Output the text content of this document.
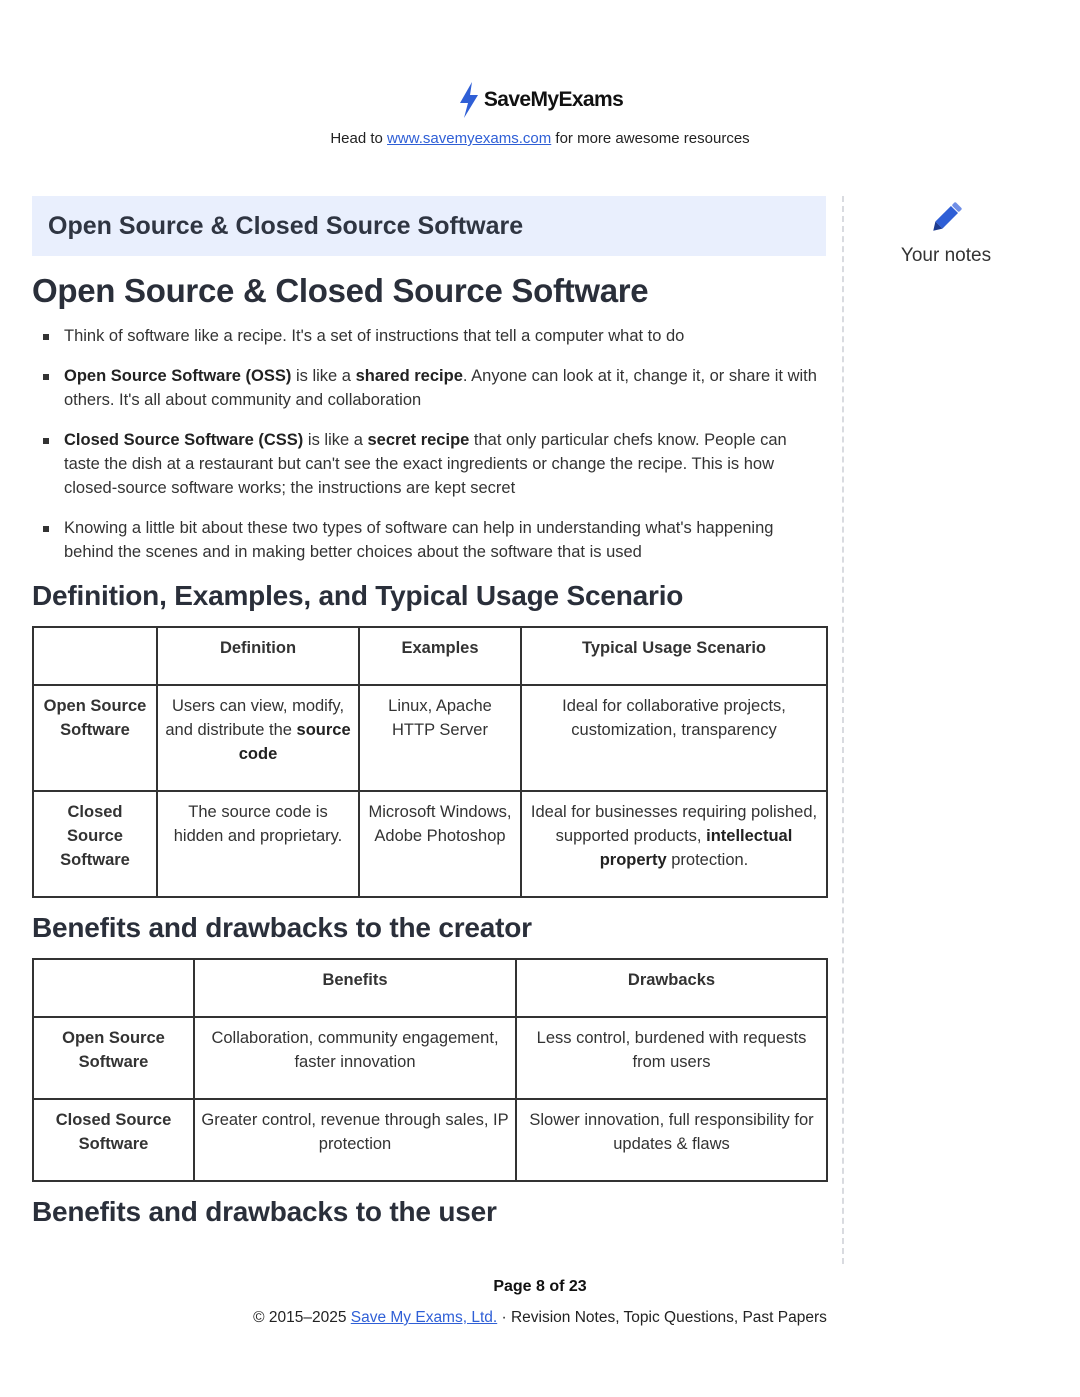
SaveMyExams
Head to www.savemyexams.com for more awesome resources
Open Source & Closed Source Software
Open Source & Closed Source Software
Think of software like a recipe. It's a set of instructions that tell a computer what to do
Open Source Software (OSS) is like a shared recipe. Anyone can look at it, change it, or share it with others. It's all about community and collaboration
Closed Source Software (CSS) is like a secret recipe that only particular chefs know. People can taste the dish at a restaurant but can't see the exact ingredients or change the recipe. This is how closed-source software works; the instructions are kept secret
Knowing a little bit about these two types of software can help in understanding what's happening behind the scenes and in making better choices about the software that is used
Definition, Examples, and Typical Usage Scenario
	Definition	Examples	Typical Usage Scenario
Open Source Software	Users can view, modify, and distribute the source code	Linux, Apache HTTP Server	Ideal for collaborative projects, customization, transparency
Closed Source Software	The source code is hidden and proprietary.	Microsoft Windows, Adobe Photoshop	Ideal for businesses requiring polished, supported products, intellectual property protection.
Benefits and drawbacks to the creator
	Benefits	Drawbacks
Open Source Software	Collaboration, community engagement, faster innovation	Less control, burdened with requests from users
Closed Source Software	Greater control, revenue through sales, IP protection	Slower innovation, full responsibility for updates & flaws
Benefits and drawbacks to the user
Your notes
Page 8 of 23
© 2015–2025 Save My Exams, Ltd. · Revision Notes, Topic Questions, Past Papers
